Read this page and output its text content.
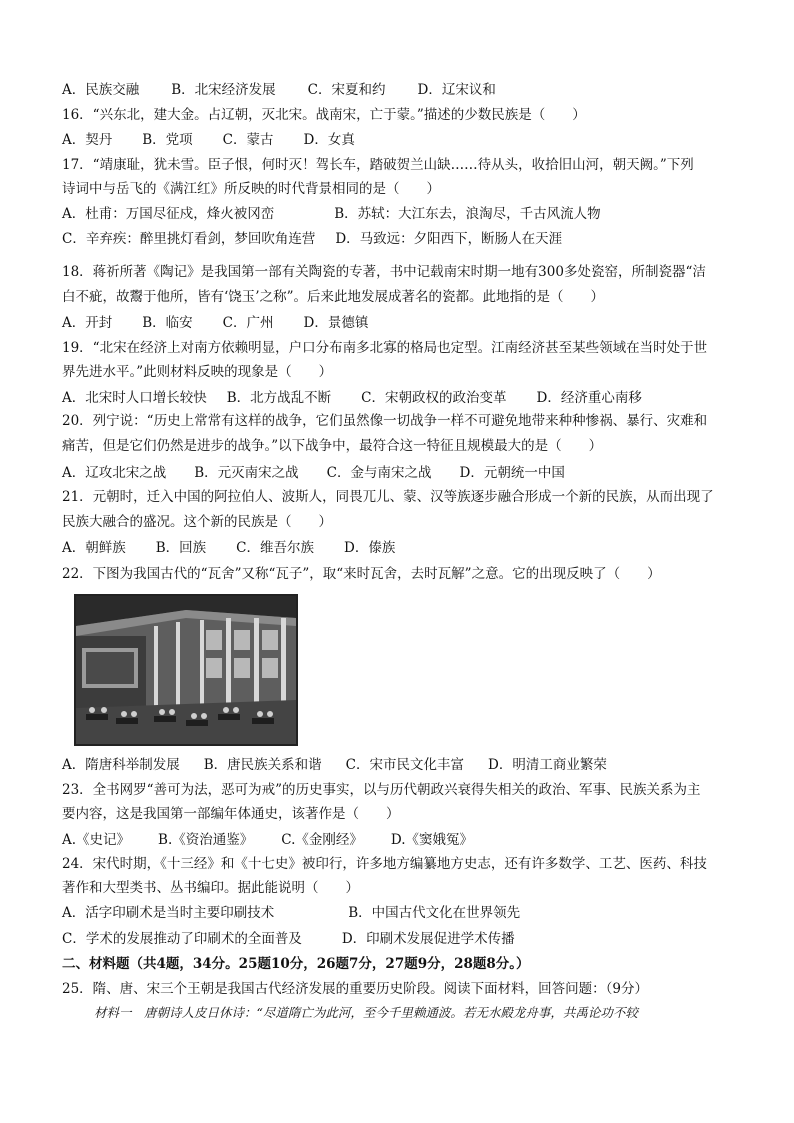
A．民族交融 B．北宋经济发展 C．宋夏和约 D．辽宋议和
16．“兴东北，建大金。占辽朝，灭北宋。战南宋，亡于蒙。”描述的少数民族是（　　）
A．契丹 B．党项 C．蒙古 D．女真
17．“靖康耻，犹未雪。臣子恨，何时灭！驾长车，踏破贺兰山缺……待从头，收拾旧山河，朝天阙。”下列
诗词中与岳飞的《满江红》所反映的时代背景相同的是（　　）
A．杜甫：万国尽征戍，烽火被冈峦	B．苏轼：大江东去，浪淘尽，千古风流人物
C．辛弃疾：醉里挑灯看剑，梦回吹角连营 D．马致远：夕阳西下，断肠人在天涯
18．蒋祈所著《陶记》是我国第一部有关陶瓷的专著，书中记载南宋时期一地有300多处瓷窑，所制瓷器“洁
白不疵，故鬻于他所，皆有‘饶玉’之称”。后来此地发展成著名的瓷都。此地指的是（　　）
A．开封 B．临安 C．广州 D．景德镇
19．“北宋在经济上对南方依赖明显，户口分布南多北寡的格局也定型。江南经济甚至某些领域在当时处于世
界先进水平。”此则材料反映的现象是（　　）
A．北宋时人口增长较快 B．北方战乱不断 C．宋朝政权的政治变革 D．经济重心南移
20．列宁说：“历史上常常有这样的战争，它们虽然像一切战争一样不可避免地带来种种惨祸、暴行、灾难和
痛苦，但是它们仍然是进步的战争。”以下战争中，最符合这一特征且规模最大的是（　　）
A．辽攻北宋之战 B．元灭南宋之战 C．金与南宋之战 D．元朝统一中国
21．元朝时，迁入中国的阿拉伯人、波斯人，同畏兀儿、蒙、汉等族逐步融合形成一个新的民族，从而出现了
民族大融合的盛况。这个新的民族是（　　）
A．朝鲜族 B．回族 C．维吾尔族 D．傣族
22．下图为我国古代的“瓦舍”又称“瓦子”，取“来时瓦舍，去时瓦解”之意。它的出现反映了（　　）
A．隋唐科举制发展 B．唐民族关系和谐 C．宋市民文化丰富 D．明清工商业繁荣
23．全书网罗“善可为法，恶可为戒”的历史事实，以与历代朝政兴衰得失相关的政治、军事、民族关系为主
要内容，这是我国第一部编年体通史，该著作是（　　）
A.《史记》 B.《资治通鉴》 C.《金刚经》 D.《窦娥冤》
24．宋代时期，《十三经》和《十七史》被印行，许多地方编纂地方史志，还有许多数学、工艺、医药、科技
著作和大型类书、丛书编印。据此能说明（　　）
A．活字印刷术是当时主要印刷技术	B．中国古代文化在世界领先
C．学术的发展推动了印刷术的全面普及	D．印刷术发展促进学术传播
二、材料题（共4题，34分。25题10分，26题7分，27题9分，28题8分。）
25．隋、唐、宋三个王朝是我国古代经济发展的重要历史阶段。阅读下面材料，回答问题：（9分）
材料一　唐朝诗人皮日休诗：“尽道隋亡为此河，至今千里赖通波。若无水殿龙舟事，共禹论功不较
